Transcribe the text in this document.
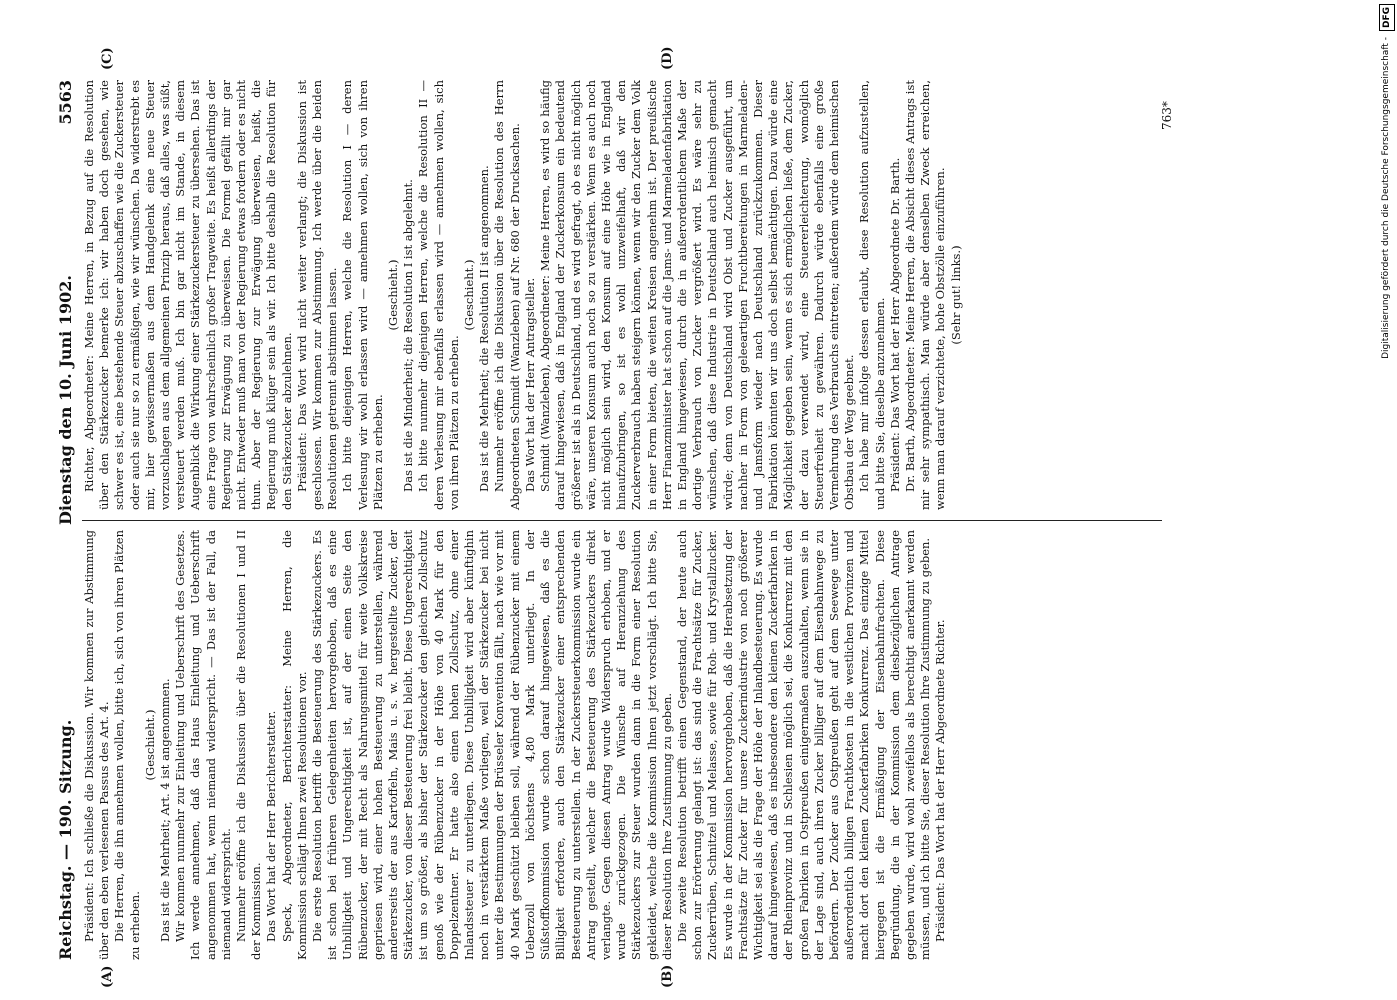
Reichstag. — 190. Sitzung.
Dienstag den 10. Juni 1902.
5563

Präsident: Ich schließe die Diskussion. Wir kommen zur Abstimmung über den eben verlesenen Passus des Art. 4. Die Herren, die ihn annehmen wollen, bitte ich, sich von ihren Plätzen zu erheben.

(Geschieht.) Das ist die Mehrheit; Art. 4 ist angenommen. Wir kommen nunmehr zur Einleitung und Ueberschrift des Gesetzes. Ich werde annehmen, daß das Haus Einleitung und Ueberschrift angenommen hat, wenn niemand widerspricht. — Das ist der Fall, da niemand widerspricht. Nunmehr eröffne ich die Diskussion über die Resolutionen I und II der Kommission. Das Wort hat der Herr Berichterstatter. Speck, Abgeordneter, Berichterstatter: Meine Herren, die Kommission schlägt Ihnen zwei Resolutionen vor. Die erste Resolution betrifft die Besteuerung des Stärkezuckers. Es ist schon bei früheren Gelegenheiten hervorgehoben, daß es eine Unbilligkeit und Ungerechtigkeit ist, auf der einen Seite den Rübenzucker, der mit Recht als Nahrungsmittel für weite Volkskreise gepriesen wird, einer hohen Besteuerung zu unterstellen, während andererseits der aus Kartoffeln, Mais u. s. w. hergestellte Zucker, der Stärkezucker, von dieser Besteuerung frei bleibt. Diese Ungerechtigkeit ist um so größer, als bisher der Stärkezucker den gleichen Zollschutz genoß wie der Rübenzucker in der Höhe von 40 Mark für den Doppelzentner. Er hatte also einen hohen Zollschutz, ohne einer Inlandssteuer zu unterliegen. Diese Unbilligkeit wird aber künftighin noch in verstärktem Maße vorliegen, weil der Stärkezucker bei nicht unter die Bestimmungen der Brüsseler Konvention fällt, nach wie vor mit 40 Mark geschützt bleiben soll, während der Rübenzucker mit einem Ueberzoll von höchstens 4,80 Mark unterliegt. In der Süßstoffkommission wurde schon darauf hingewiesen, daß es die Billigkeit erfordere, auch den Stärkezucker einer entsprechenden Besteuerung zu unterstellen. In der Zuckersteuerkommission wurde ein Antrag gestellt, welcher die Besteuerung des Stärkezuckers direkt verlangte. Gegen diesen Antrag wurde Widerspruch erhoben, und er wurde zurückgezogen. Die Wünsche auf Heranziehung des Stärkezuckers zur Steuer wurden dann in die Form einer Resolution gekleidet, welche die Kommission Ihnen jetzt vorschlägt. Ich bitte Sie, dieser Resolution Ihre Zustimmung zu geben. Die zweite Resolution betrifft einen Gegenstand, der heute auch schon zur Erörterung gelangt ist: das sind die Frachtsätze für Zucker, Zuckerrüben, Schnitzel und Melasse, sowie für Roh- und Krystallzucker. Es wurde in der Kommission hervorgehoben, daß die Herabsetzung der Frachtsätze für Zucker für unsere Zuckerindustrie von noch größerer Wichtigkeit sei als die Frage der Höhe der Inlandbesteuerung. Es wurde darauf hingewiesen, daß es insbesondere den kleinen Zuckerfabriken in der Rheinprovinz und in Schlesien möglich sei, die Konkurrenz mit den großen Fabriken in Ostpreußen einigermaßen auszuhalten, wenn sie in der Lage sind, auch ihren Zucker billiger auf dem Eisenbahnwege zu befördern. Der Zucker aus Ostpreußen geht auf dem Seewege unter außerordentlich billigen Frachtkosten in die westlichen Provinzen und macht dort den kleinen Zuckerfabriken Konkurrenz. Das einzige Mittel hiergegen ist die Ermäßigung der Eisenbahnfrachten. Diese Begründung, die in der Kommission dem diesbezüglichen Antrage gegeben wurde, wird wohl zweifellos als berechtigt anerkannt werden müssen, und ich bitte Sie, dieser Resolution Ihre Zustimmung zu geben. Präsident: Das Wort hat der Herr Abgeordnete Richter.

Richter, Abgeordneter: Meine Herren, in Bezug auf die Resolution über den Stärkezucker bemerke ich: wir haben doch gesehen, wie schwer es ist, eine bestehende Steuer abzuschaffen wie die Zuckersteuer oder auch sie nur so zu ermäßigen, wie wir wünschen. Da widerstrebt es mir, hier gewissermaßen aus dem Handgelenk eine neue Steuer vorzuschlagen aus dem allgemeinen Prinzip heraus, daß alles, was süßt, versteuert werden muß. Ich bin gar nicht im Stande, in diesem Augenblick die Wirkung einer Stärkezuckersteuer zu übersehen. Das ist eine Frage von wahrscheinlich großer Tragweite. Es heißt allerdings der Regierung zur Erwägung zu überweisen. Die Formel gefällt mir gar nicht. Entweder muß man von der Regierung etwas fordern oder es nicht thun. Aber der Regierung zur Erwägung überweisen, heißt, die Regierung muß klüger sein als wir. Ich bitte deshalb die Resolution für den Stärkezucker abzulehnen. Präsident: Das Wort wird nicht weiter verlangt; die Diskussion ist geschlossen. Wir kommen zur Abstimmung. Ich werde über die beiden Resolutionen getrennt abstimmen lassen. Ich bitte diejenigen Herren, welche die Resolution I — deren Verlesung wir wohl erlassen wird — annehmen wollen, sich von ihren Plätzen zu erheben.

(Geschieht.) Das ist die Minderheit; die Resolution I ist abgelehnt. Ich bitte nunmehr diejenigen Herren, welche die Resolution II — deren Verlesung mir ebenfalls erlassen wird — annehmen wollen, sich von ihren Plätzen zu erheben.

(Geschieht.) Das ist die Mehrheit; die Resolution II ist angenommen. Nunmehr eröffne ich die Diskussion über die Resolution des Herrn Abgeordneten Schmidt (Wanzleben) auf Nr. 680 der Drucksachen. Das Wort hat der Herr Antragsteller. Schmidt (Wanzleben), Abgeordneter: Meine Herren, es wird so häufig darauf hingewiesen, daß in England der Zuckerkonsum ein bedeutend größerer ist als in Deutschland, und es wird gefragt, ob es nicht möglich wäre, unseren Konsum auch noch so zu verstärken. Wenn es auch noch nicht möglich sein wird, den Konsum auf eine Höhe wie in England hinaufzubringen, so ist es wohl unzweifelhaft, daß wir den Zuckerverbrauch haben steigern können, wenn wir den Zucker dem Volk in einer Form bieten, die weiten Kreisen angenehm ist. Der preußische Herr Finanzminister hat schon auf die Jams- und Marmeladenfabrikation in England hingewiesen, durch die in außerordentlichem Maße der dortige Verbrauch von Zucker vergrößert wird. Es wäre sehr zu wünschen, daß diese Industrie in Deutschland auch heimisch gemacht würde; denn von Deutschland wird Obst und Zucker ausgeführt, um nachher in Form von geleeartigen Fruchtbereitungen in Marmeladen- und Jamsform wieder nach Deutschland zurückzukommen. Dieser Fabrikation könnten wir uns doch selbst bemächtigen. Dazu würde eine Möglichkeit gegeben sein, wenn es sich ermöglichen ließe, dem Zucker, der dazu verwendet wird, eine Steuererleichterung, womöglich Steuerfreiheit zu gewähren. Dadurch würde ebenfalls eine große Vermehrung des Verbrauchs eintreten; außerdem würde dem heimischen Obstbau der Weg geebnet. Ich habe mir infolge dessen erlaubt, diese Resolution aufzustellen, und bitte Sie, dieselbe anzunehmen. Präsident: Das Wort hat der Herr Abgeordnete Dr. Barth. Dr. Barth, Abgeordneter: Meine Herren, die Absicht dieses Antrags ist mir sehr sympathisch. Man würde aber denselben Zweck erreichen, wenn man darauf verzichtete, hohe Obstzölle einzuführen. (Sehr gut! links.)

(A)	(B)
(C)	(D)
763*	Digitalisierung gefördert durch die Deutsche Forschungsgemeinschaft -
DFG
